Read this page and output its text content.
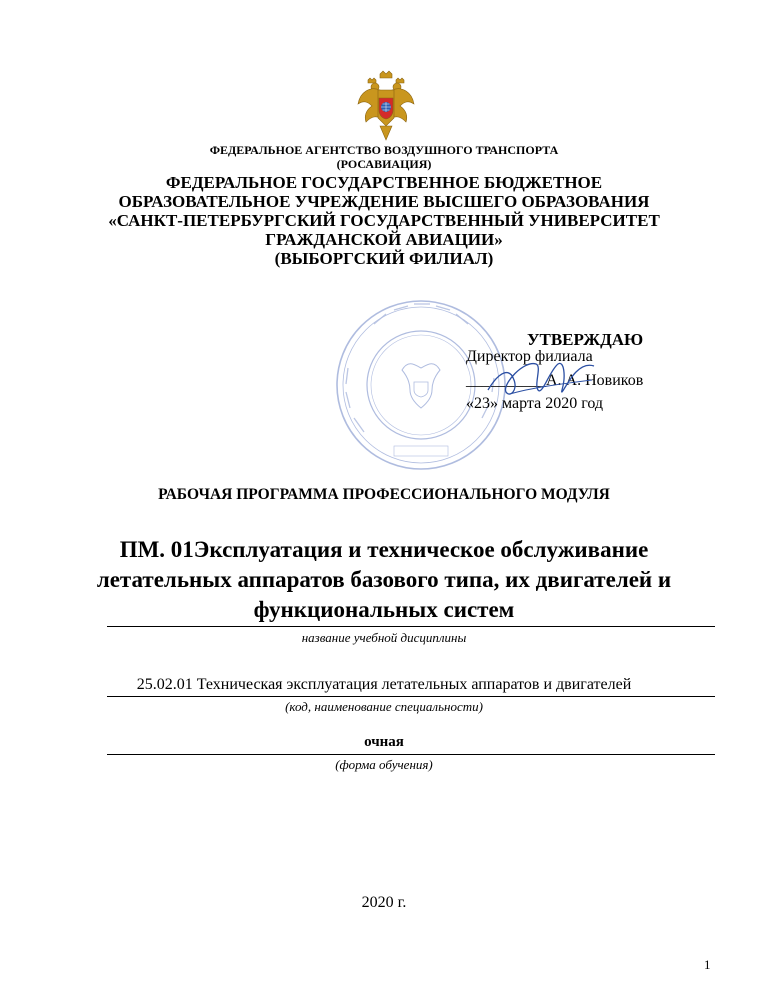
ФЕДЕРАЛЬНОЕ АГЕНТСТВО ВОЗДУШНОГО ТРАНСПОРТА
(РОСАВИАЦИЯ)
ФЕДЕРАЛЬНОЕ ГОСУДАРСТВЕННОЕ БЮДЖЕТНОЕ
ОБРАЗОВАТЕЛЬНОЕ УЧРЕЖДЕНИЕ ВЫСШЕГО ОБРАЗОВАНИЯ
«САНКТ-ПЕТЕРБУРГСКИЙ ГОСУДАРСТВЕННЫЙ УНИВЕРСИТЕТ
ГРАЖДАНСКОЙ АВИАЦИИ»
(ВЫБОРГСКИЙ ФИЛИАЛ)
УТВЕРЖДАЮ
Директор филиала
__________А. А. Новиков
«23» марта 2020 год
РАБОЧАЯ ПРОГРАММА ПРОФЕССИОНАЛЬНОГО МОДУЛЯ
ПМ. 01Эксплуатация и техническое обслуживание
летательных аппаратов базового типа, их двигателей и
функциональных систем
название учебной дисциплины
25.02.01 Техническая эксплуатация летательных аппаратов и двигателей
(код, наименование специальности)
очная
(форма обучения)
2020 г.
1
